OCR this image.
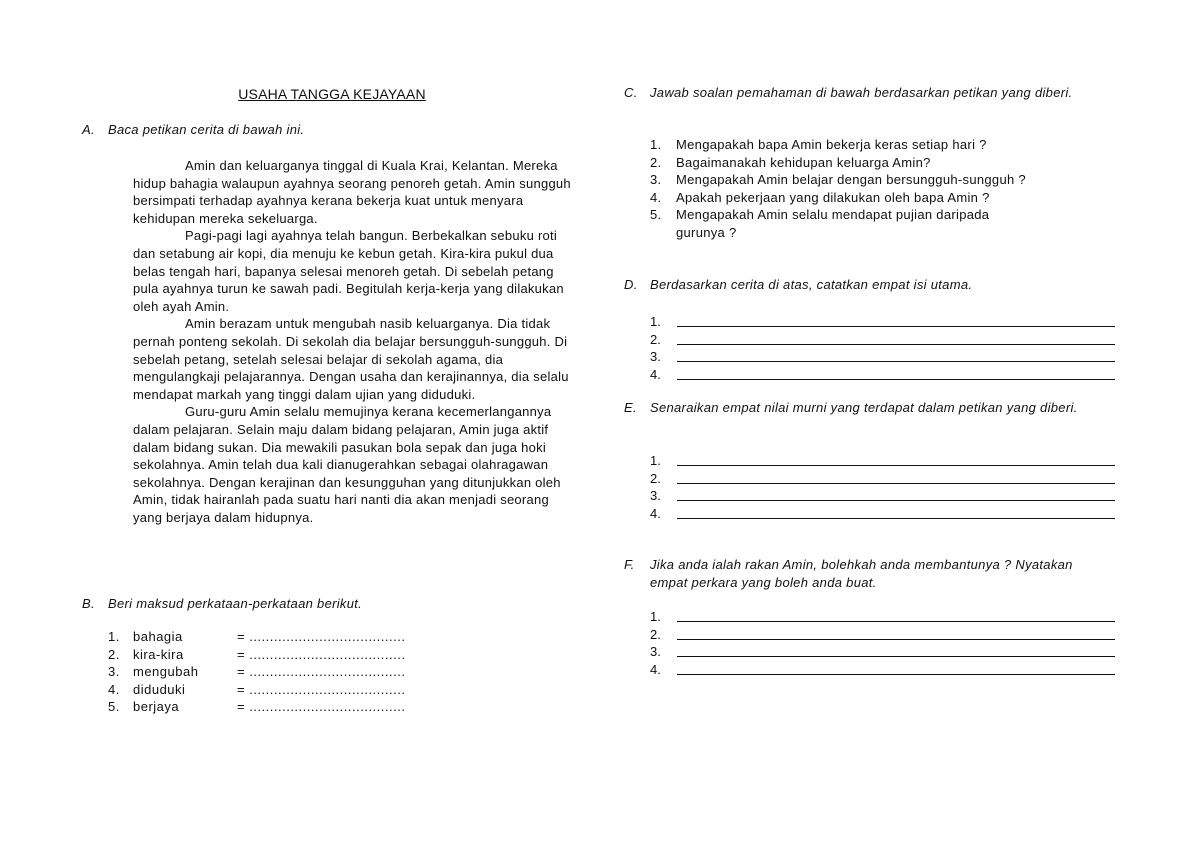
USAHA TANGGA KEJAYAAN
A. Baca petikan cerita di bawah ini.

Amin dan keluarganya tinggal di Kuala Krai, Kelantan. Mereka hidup bahagia walaupun ayahnya seorang penoreh getah. Amin sungguh bersimpati terhadap ayahnya kerana bekerja kuat untuk menyara kehidupan mereka sekeluarga.

Pagi-pagi lagi ayahnya telah bangun. Berbekalkan sebuku roti dan setabung air kopi, dia menuju ke kebun getah. Kira-kira pukul dua belas tengah hari, bapanya selesai menoreh getah. Di sebelah petang pula ayahnya turun ke sawah padi. Begitulah kerja-kerja yang dilakukan oleh ayah Amin.

Amin berazam untuk mengubah nasib keluarganya. Dia tidak pernah ponteng sekolah. Di sekolah dia belajar bersungguh-sungguh. Di sebelah petang, setelah selesai belajar di sekolah agama, dia mengulangkaji pelajarannya. Dengan usaha dan kerajinannya, dia selalu mendapat markah yang tinggi dalam ujian yang diduduki.

Guru-guru Amin selalu memujinya kerana kecemerlangannya dalam pelajaran. Selain maju dalam bidang pelajaran, Amin juga aktif dalam bidang sukan. Dia mewakili pasukan bola sepak dan juga hoki sekolahnya. Amin telah dua kali dianugerahkan sebagai olahragawan sekolahnya. Dengan kerajinan dan kesungguhan yang ditunjukkan oleh Amin, tidak hairanlah pada suatu hari nanti dia akan menjadi seorang yang berjaya dalam hidupnya.

B. Beri maksud perkataan-perkataan berikut.
1. bahagia	= ......................................
2. kira-kira	= ......................................
3. mengubah	= ......................................
4. diduduki	= ......................................
5. berjaya	= ......................................
C. Jawab soalan pemahaman di bawah berdasarkan petikan yang diberi.
1. Mengapakah bapa Amin bekerja keras setiap hari ?
2. Bagaimanakah kehidupan keluarga Amin?
3. Mengapakah Amin belajar dengan bersungguh-sungguh ?
4. Apakah pekerjaan yang dilakukan oleh bapa Amin ?
5. Mengapakah Amin selalu mendapat pujian daripada gurunya ?
D. Berdasarkan cerita di atas, catatkan empat isi utama.
1.
2.
3.
4.
E. Senaraikan empat nilai murni yang terdapat dalam petikan yang diberi.
1.
2.
3.
4.
F. Jika anda ialah rakan Amin, bolehkah anda membantunya ? Nyatakan empat perkara yang boleh anda buat.
1.
2.
3.
4.
